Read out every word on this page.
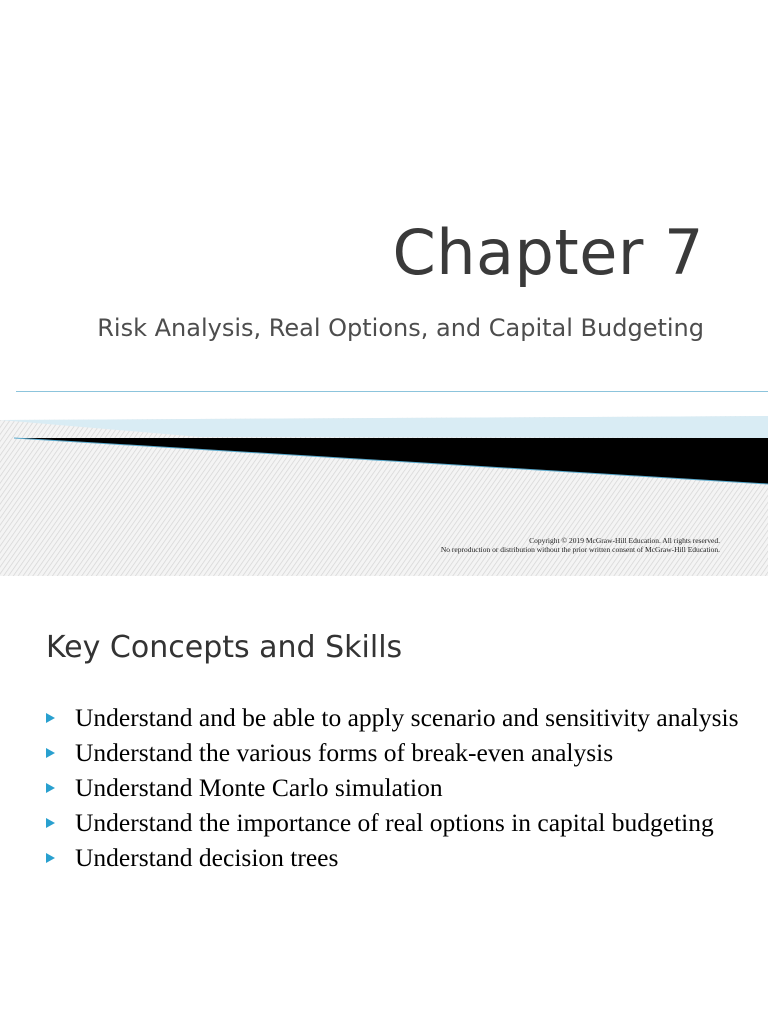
Chapter 7
Risk Analysis, Real Options, and Capital Budgeting
Copyright © 2019 McGraw-Hill Education. All rights reserved.
No reproduction or distribution without the prior written consent of McGraw-Hill Education.
Key Concepts and Skills
Understand and be able to apply scenario and sensitivity analysis
Understand the various forms of break-even analysis
Understand Monte Carlo simulation
Understand the importance of real options in capital budgeting
Understand decision trees
